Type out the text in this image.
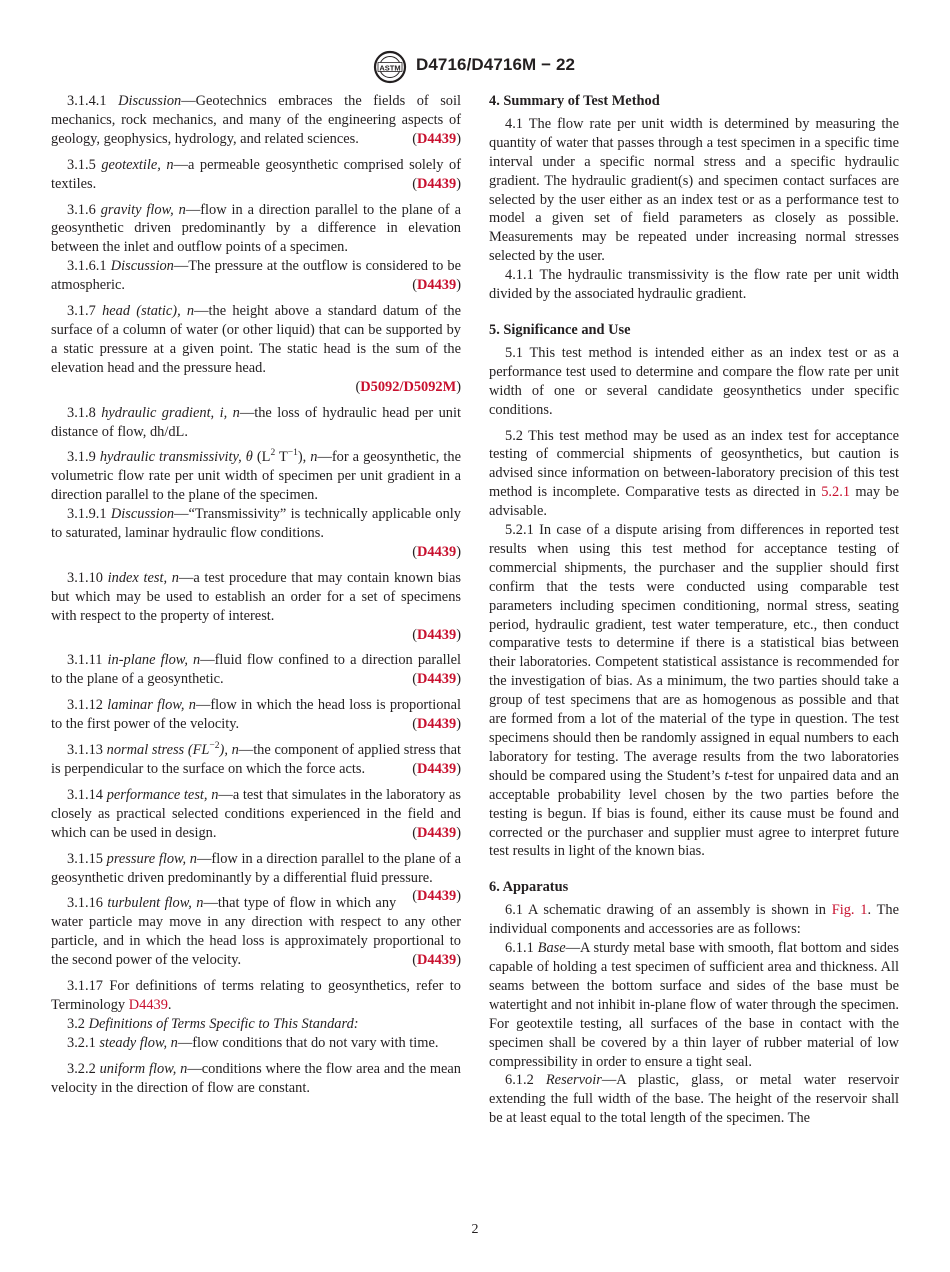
ASTM D4716/D4716M − 22

3.1.4.1 Discussion—Geotechnics embraces the fields of soil mechanics, rock mechanics, and many of the engineering aspects of geology, geophysics, hydrology, and related sciences.	(D4439)

3.1.5 geotextile, n—a permeable geosynthetic comprised solely of textiles.	(D4439)

3.1.6 gravity flow, n—flow in a direction parallel to the plane of a geosynthetic driven predominantly by a difference in elevation between the inlet and outflow points of a specimen.

3.1.6.1 Discussion—The pressure at the outflow is considered to be atmospheric.	(D4439)

3.1.7 head (static), n—the height above a standard datum of the surface of a column of water (or other liquid) that can be supported by a static pressure at a given point. The static head is the sum of the elevation head and the pressure head.
(D5092/D5092M)

3.1.8 hydraulic gradient, i, n—the loss of hydraulic head per unit distance of flow, dh/dL.

3.1.9 hydraulic transmissivity, θ ($L^2$ $T^{-1}$), n—for a geosynthetic, the volumetric flow rate per unit width of specimen per unit gradient in a direction parallel to the plane of the specimen.

3.1.9.1 Discussion—“Transmissivity” is technically applicable only to saturated, laminar hydraulic flow conditions.
(D4439)

3.1.10 index test, n—a test procedure that may contain known bias but which may be used to establish an order for a set of specimens with respect to the property of interest.
(D4439)

3.1.11 in-plane flow, n—fluid flow confined to a direction parallel to the plane of a geosynthetic.	(D4439)

3.1.12 laminar flow, n—flow in which the head loss is proportional to the first power of the velocity.	(D4439)

3.1.13 normal stress $(FL^{-2})$, n—the component of applied stress that is perpendicular to the surface on which the force acts.	(D4439)

3.1.14 performance test, n—a test that simulates in the laboratory as closely as practical selected conditions experienced in the field and which can be used in design.	(D4439)

3.1.15 pressure flow, n—flow in a direction parallel to the plane of a geosynthetic driven predominantly by a differential fluid pressure.
(D4439)

3.1.16 turbulent flow, n—that type of flow in which any water particle may move in any direction with respect to any other particle, and in which the head loss is approximately proportional to the second power of the velocity.	(D4439)

3.1.17 For definitions of terms relating to geosynthetics, refer to Terminology D4439.

3.2 Definitions of Terms Specific to This Standard:

3.2.1 steady flow, n—flow conditions that do not vary with time.

3.2.2 uniform flow, n—conditions where the flow area and the mean velocity in the direction of flow are constant.

4. Summary of Test Method

4.1 The flow rate per unit width is determined by measuring the quantity of water that passes through a test specimen in a specific time interval under a specific normal stress and a specific hydraulic gradient. The hydraulic gradient(s) and specimen contact surfaces are selected by the user either as an index test or as a performance test to model a given set of field parameters as closely as possible. Measurements may be repeated under increasing normal stresses selected by the user.

4.1.1 The hydraulic transmissivity is the flow rate per unit width divided by the associated hydraulic gradient.

5. Significance and Use

5.1 This test method is intended either as an index test or as a performance test used to determine and compare the flow rate per unit width of one or several candidate geosynthetics under specific conditions.

5.2 This test method may be used as an index test for acceptance testing of commercial shipments of geosynthetics, but caution is advised since information on between-laboratory precision of this test method is incomplete. Comparative tests as directed in 5.2.1 may be advisable.

5.2.1 In case of a dispute arising from differences in reported test results when using this test method for acceptance testing of commercial shipments, the purchaser and the supplier should first confirm that the tests were conducted using comparable test parameters including specimen conditioning, normal stress, seating period, hydraulic gradient, test water temperature, etc., then conduct comparative tests to determine if there is a statistical bias between their laboratories. Competent statistical assistance is recommended for the investigation of bias. As a minimum, the two parties should take a group of test specimens that are as homogenous as possible and that are formed from a lot of the material of the type in question. The test specimens should then be randomly assigned in equal numbers to each laboratory for testing. The average results from the two laboratories should be compared using the Student’s t-test for unpaired data and an acceptable probability level chosen by the two parties before the testing is begun. If bias is found, either its cause must be found and corrected or the purchaser and supplier must agree to interpret future test results in light of the known bias.

6. Apparatus

6.1 A schematic drawing of an assembly is shown in Fig. 1. The individual components and accessories are as follows:

6.1.1 Base—A sturdy metal base with smooth, flat bottom and sides capable of holding a test specimen of sufficient area and thickness. All seams between the bottom surface and sides of the base must be watertight and not inhibit in-plane flow of water through the specimen. For geotextile testing, all surfaces of the base in contact with the specimen shall be covered by a thin layer of rubber material of low compressibility in order to ensure a tight seal.

6.1.2 Reservoir—A plastic, glass, or metal water reservoir extending the full width of the base. The height of the reservoir shall be at least equal to the total length of the specimen. The

2
